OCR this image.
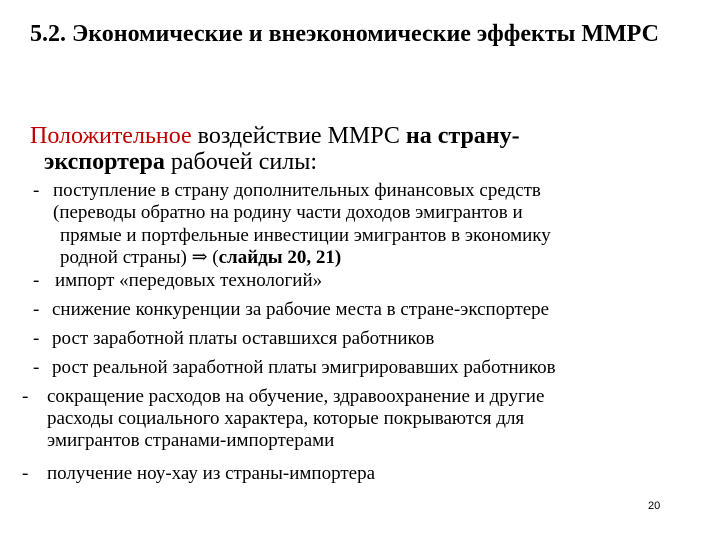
5.2. Экономические и внеэкономические эффекты ММРС
Положительное воздействие ММРС на страну-
экспортера рабочей силы:
- поступление в страну дополнительных финансовых средств
(переводы обратно на родину части доходов эмигрантов и
прямые и портфельные инвестиции эмигрантов в экономику
родной страны) ⇒ (слайды 20, 21)
- импорт «передовых технологий»
- снижение конкуренции за рабочие места в стране-экспортере
- рост заработной платы оставшихся работников
- рост реальной заработной платы эмигрировавших работников
- сокращение расходов на обучение, здравоохранение и другие
расходы социального характера, которые покрываются для
эмигрантов странами-импортерами
- получение ноу-хау из страны-импортера
20
